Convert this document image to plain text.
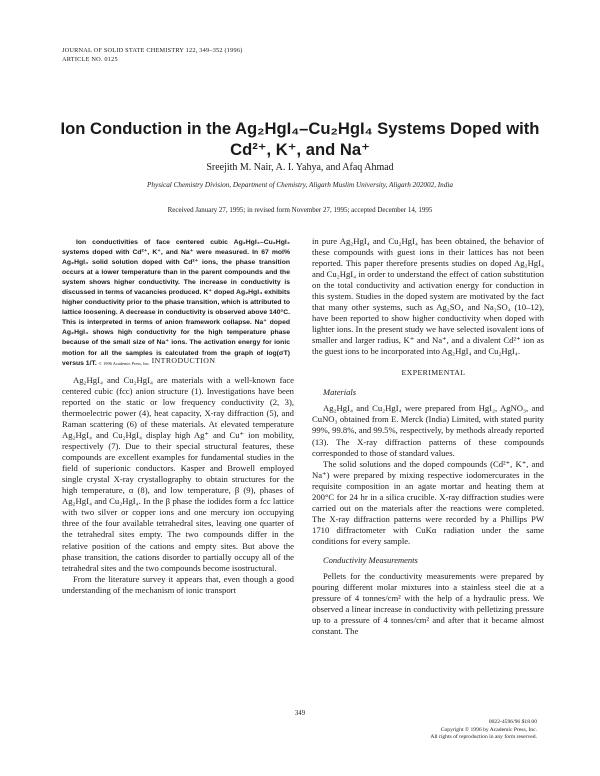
JOURNAL OF SOLID STATE CHEMISTRY 122, 349–352 (1996)
ARTICLE NO. 0125
Ion Conduction in the Ag₂HgI₄–Cu₂HgI₄ Systems Doped with Cd²⁺, K⁺, and Na⁺
Sreejith M. Nair, A. I. Yahya, and Afaq Ahmad
Physical Chemistry Division, Department of Chemistry, Aligarh Muslim University, Aligarh 202002, India
Received January 27, 1995; in revised form November 27, 1995; accepted December 14, 1995
Ion conductivities of face centered cubic Ag₂HgI₄–Cu₂HgI₄ systems doped with Cd²⁺, K⁺, and Na⁺ were measured. In 67 mol% Ag₂HgI₄ solid solution doped with Cd²⁺ ions, the phase transition occurs at a lower temperature than in the parent compounds and the system shows higher conductivity. The increase in conductivity is discussed in terms of vacancies produced. K⁺ doped Ag₂HgI₄ exhibits higher conductivity prior to the phase transition, which is attributed to lattice loosening. A decrease in conductivity is observed above 140°C. This is interpreted in terms of anion framework collapse. Na⁺ doped Ag₂HgI₄ shows high conductivity for the high temperature phase because of the small size of Na⁺ ions. The activation energy for ionic motion for all the samples is calculated from the graph of log(σT) versus 1/T. © 1996 Academic Press, Inc. INTRODUCTION

Ag₂HgI₄ and Cu₂HgI₄ are materials with a well-known face centered cubic (fcc) anion structure (1). Investigations have been reported on the static or low frequency conductivity (2, 3), thermoelectric power (4), heat capacity, X-ray diffraction (5), and Raman scattering (6) of these materials. At elevated temperature Ag₂HgI₄ and Cu₂HgI₄ display high Ag⁺ and Cu⁺ ion mobility, respectively (7). Due to their special structural features, these compounds are excellent examples for fundamental studies in the field of superionic conductors. Kasper and Browell employed single crystal X-ray crystallography to obtain structures for the high temperature, α (8), and low temperature, β (9), phases of Ag₂HgI₄ and Cu₂HgI₄. In the β phase the iodides form a fcc lattice with two silver or copper ions and one mercury ion occupying three of the four available tetrahedral sites, leaving one quarter of the tetrahedral sites empty. The two compounds differ in the relative position of the cations and empty sites. But above the phase transition, the cations disorder to partially occupy all of the tetrahedral sites and the two compounds become isostructural.

From the literature survey it appears that, even though a good understanding of the mechanism of ionic transport

in pure Ag₂HgI₄ and Cu₂HgI₄ has been obtained, the behavior of these compounds with guest ions in their lattices has not been reported. This paper therefore presents studies on doped Ag₂HgI₄ and Cu₂HgI₄ in order to understand the effect of cation substitution on the total conductivity and activation energy for conduction in this system. Studies in the doped system are motivated by the fact that many other systems, such as Ag₂SO₄ and Na₂SO₄ (10–12), have been reported to show higher conductivity when doped with lighter ions. In the present study we have selected isovalent ions of smaller and larger radius, K⁺ and Na⁺, and a divalent Cd²⁺ ion as the guest ions to be incorporated into Ag₂HgI₄ and Cu₂HgI₄.

EXPERIMENTAL

Materials

Ag₂HgI₄ and Cu₂HgI₄ were prepared from HgI₂, AgNO₃, and CuNO₃ obtained from E. Merck (India) Limited, with stated purity 99%, 99.8%, and 99.5%, respectively, by methods already reported (13). The X-ray diffraction patterns of these compounds corresponded to those of standard values.

The solid solutions and the doped compounds (Cd²⁺, K⁺, and Na⁺) were prepared by mixing respective iodomercurates in the requisite composition in an agate mortar and heating them at 200°C for 24 hr in a silica crucible. X-ray diffraction studies were carried out on the materials after the reactions were completed. The X-ray diffraction patterns were recorded by a Phillips PW 1710 diffractometer with CuKα radiation under the same conditions for every sample.

Conductivity Measurements

Pellets for the conductivity measurements were prepared by pouring different molar mixtures into a stainless steel die at a pressure of 4 tonnes/cm² with the help of a hydraulic press. We observed a linear increase in conductivity with pelletizing pressure up to a pressure of 4 tonnes/cm² and after that it became almost constant. The

349
0022-4596/96 $18.00
Copyright © 1996 by Academic Press, Inc.
All rights of reproduction in any form reserved.
